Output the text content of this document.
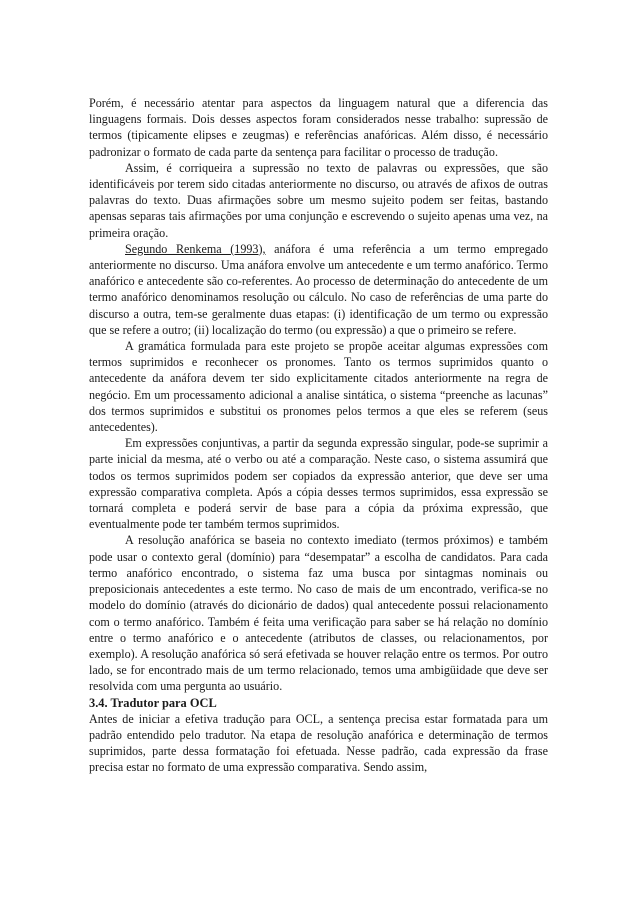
Porém, é necessário atentar para aspectos da linguagem natural que a diferencia das linguagens formais. Dois desses aspectos foram considerados nesse trabalho: supressão de termos (tipicamente elipses e zeugmas) e referências anafóricas. Além disso, é necessário padronizar o formato de cada parte da sentença para facilitar o processo de tradução.

Assim, é corriqueira a supressão no texto de palavras ou expressões, que são identificáveis por terem sido citadas anteriormente no discurso, ou através de afixos de outras palavras do texto. Duas afirmações sobre um mesmo sujeito podem ser feitas, bastando apensas separas tais afirmações por uma conjunção e escrevendo o sujeito apenas uma vez, na primeira oração.

Segundo Renkema (1993), anáfora é uma referência a um termo empregado anteriormente no discurso. Uma anáfora envolve um antecedente e um termo anafórico. Termo anafórico e antecedente são co-referentes. Ao processo de determinação do antecedente de um termo anafórico denominamos resolução ou cálculo. No caso de referências de uma parte do discurso a outra, tem-se geralmente duas etapas: (i) identificação de um termo ou expressão que se refere a outro; (ii) localização do termo (ou expressão) a que o primeiro se refere.

A gramática formulada para este projeto se propõe aceitar algumas expressões com termos suprimidos e reconhecer os pronomes. Tanto os termos suprimidos quanto o antecedente da anáfora devem ter sido explicitamente citados anteriormente na regra de negócio. Em um processamento adicional a analise sintática, o sistema “preenche as lacunas” dos termos suprimidos e substitui os pronomes pelos termos a que eles se referem (seus antecedentes).

Em expressões conjuntivas, a partir da segunda expressão singular, pode-se suprimir a parte inicial da mesma, até o verbo ou até a comparação. Neste caso, o sistema assumirá que todos os termos suprimidos podem ser copiados da expressão anterior, que deve ser uma expressão comparativa completa. Após a cópia desses termos suprimidos, essa expressão se tornará completa e poderá servir de base para a cópia da próxima expressão, que eventualmente pode ter também termos suprimidos.

A resolução anafórica se baseia no contexto imediato (termos próximos) e também pode usar o contexto geral (domínio) para “desempatar” a escolha de candidatos. Para cada termo anafórico encontrado, o sistema faz uma busca por sintagmas nominais ou preposicionais antecedentes a este termo. No caso de mais de um encontrado, verifica-se no modelo do domínio (através do dicionário de dados) qual antecedente possui relacionamento com o termo anafórico. Também é feita uma verificação para saber se há relação no domínio entre o termo anafórico e o antecedente (atributos de classes, ou relacionamentos, por exemplo). A resolução anafórica só será efetivada se houver relação entre os termos. Por outro lado, se for encontrado mais de um termo relacionado, temos uma ambigüidade que deve ser resolvida com uma pergunta ao usuário.

3.4. Tradutor para OCL

Antes de iniciar a efetiva tradução para OCL, a sentença precisa estar formatada para um padrão entendido pelo tradutor. Na etapa de resolução anafórica e determinação de termos suprimidos, parte dessa formatação foi efetuada. Nesse padrão, cada expressão da frase precisa estar no formato de uma expressão comparativa. Sendo assim,
